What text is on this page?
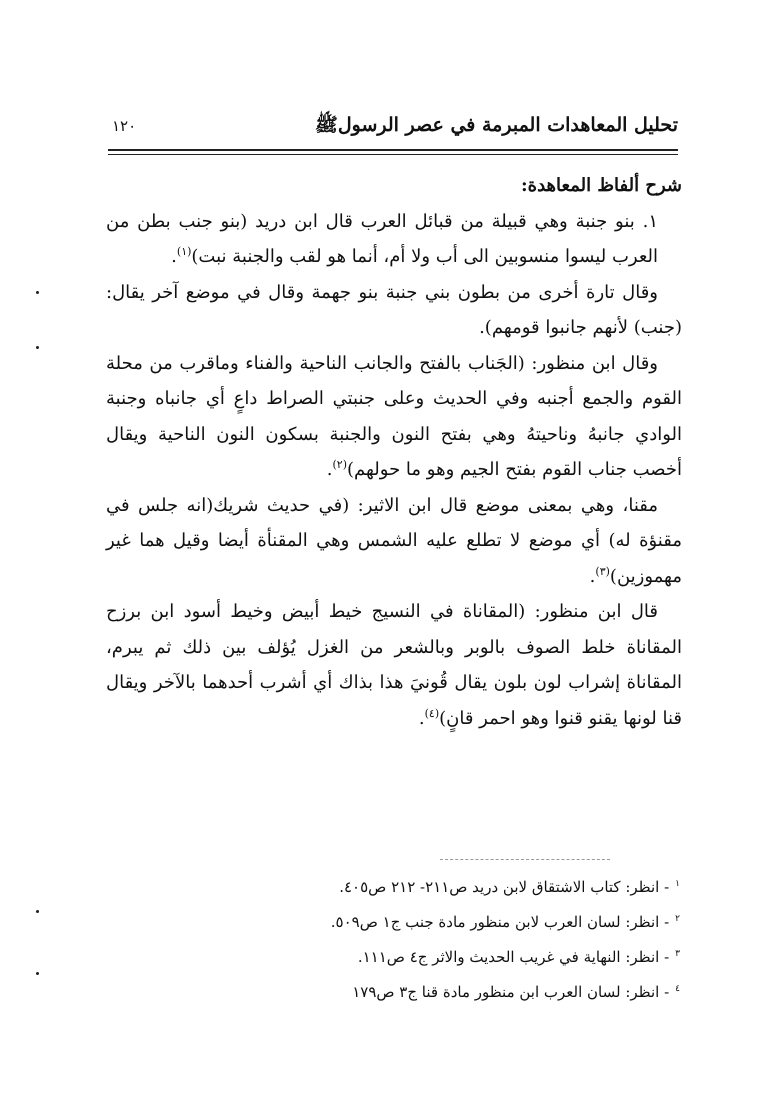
تحليل المعاهدات المبرمة في عصر الرسولﷺ
١٢٠

شرح ألفاظ المعاهدة:

١. بنو جنبة وهي قبيلة من قبائل العرب قال ابن دريد (بنو جنب بطن من العرب ليسوا منسوبين الى أب ولا أم، أنما هو لقب والجنبة نبت)$^{(١)}$.

وقال تارة أخرى من بطون بني جنبة بنو جهمة وقال في موضع آخر يقال: (جنب) لأنهم جانبوا قومهم).

وقال ابن منظور: (الجَناب بالفتح والجانب الناحية والفناء وماقرب من محلة القوم والجمع أجنبه وفي الحديث وعلى جنبتي الصراط داعٍ أي جانباه وجنبة الوادي جانبهُ وناحيتهُ وهي بفتح النون والجنبة بسكون النون الناحية ويقال أخصب جناب القوم بفتح الجيم وهو ما حولهم)$^{(٢)}$.

مقنا، وهي بمعنى موضع قال ابن الاثير: (في حديث شريك(انه جلس في مقنؤة له) أي موضع لا تطلع عليه الشمس وهي المقنأة أيضا وقيل هما غير مهموزين)$^{(٣)}$.

قال ابن منظور: (المقاناة في النسيج خيط أبيض وخيط أسود ابن برزح المقاناة خلط الصوف بالوبر وبالشعر من الغزل يُؤلف بين ذلك ثم يبرم، المقاناة إشراب لون بلون يقال قُونيَ هذا بذاك أي أشرب أحدهما بالآخر ويقال قنا لونها يقنو قنوا وهو احمر قانٍ)$^{(٤)}$.

$^١$- انظر: كتاب الاشتقاق لابن دريد ص٢١١- ٢١٢ ص٤٠٥.

$^٢$- انظر: لسان العرب لابن منظور مادة جنب ج١ ص٥٠٩.

$^٣$- انظر: النهاية في غريب الحديث والاثر ج٤ ص١١١.

$^٤$- انظر: لسان العرب ابن منظور مادة قنا ج٣ ص١٧٩
